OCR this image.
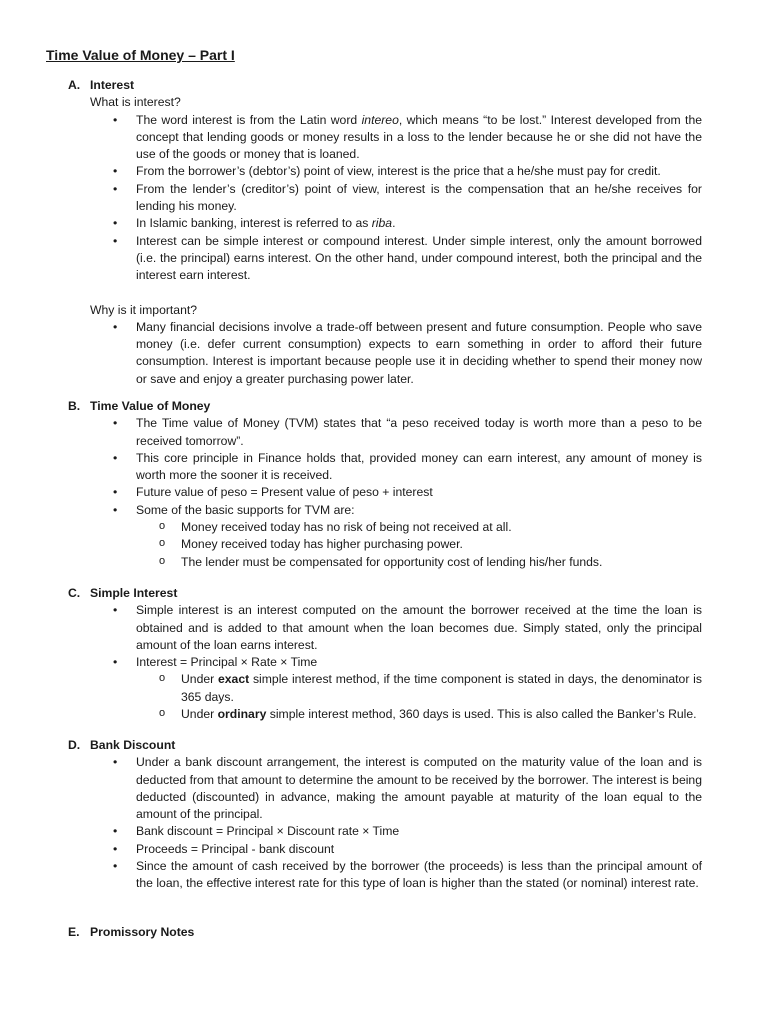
Time Value of Money – Part I
A. Interest
What is interest?
• The word interest is from the Latin word intereo, which means “to be lost.” Interest developed from the concept that lending goods or money results in a loss to the lender because he or she did not have the use of the goods or money that is loaned.
• From the borrower’s (debtor’s) point of view, interest is the price that a he/she must pay for credit.
• From the lender’s (creditor’s) point of view, interest is the compensation that an he/she receives for lending his money.
• In Islamic banking, interest is referred to as riba.
• Interest can be simple interest or compound interest. Under simple interest, only the amount borrowed (i.e. the principal) earns interest. On the other hand, under compound interest, both the principal and the interest earn interest.
Why is it important?
• Many financial decisions involve a trade-off between present and future consumption. People who save money (i.e. defer current consumption) expects to earn something in order to afford their future consumption. Interest is important because people use it in deciding whether to spend their money now or save and enjoy a greater purchasing power later.
B. Time Value of Money
• The Time value of Money (TVM) states that “a peso received today is worth more than a peso to be received tomorrow”.
• This core principle in Finance holds that, provided money can earn interest, any amount of money is worth more the sooner it is received.
• Future value of peso = Present value of peso + interest
• Some of the basic supports for TVM are:
o Money received today has no risk of being not received at all.
o Money received today has higher purchasing power.
o The lender must be compensated for opportunity cost of lending his/her funds.
C. Simple Interest
• Simple interest is an interest computed on the amount the borrower received at the time the loan is obtained and is added to that amount when the loan becomes due. Simply stated, only the principal amount of the loan earns interest.
• Interest = Principal × Rate × Time
o Under exact simple interest method, if the time component is stated in days, the denominator is 365 days.
o Under ordinary simple interest method, 360 days is used. This is also called the Banker’s Rule.
D. Bank Discount
• Under a bank discount arrangement, the interest is computed on the maturity value of the loan and is deducted from that amount to determine the amount to be received by the borrower. The interest is being deducted (discounted) in advance, making the amount payable at maturity of the loan equal to the amount of the principal.
• Bank discount = Principal × Discount rate × Time
• Proceeds = Principal - bank discount
• Since the amount of cash received by the borrower (the proceeds) is less than the principal amount of the loan, the effective interest rate for this type of loan is higher than the stated (or nominal) interest rate.
E. Promissory Notes
